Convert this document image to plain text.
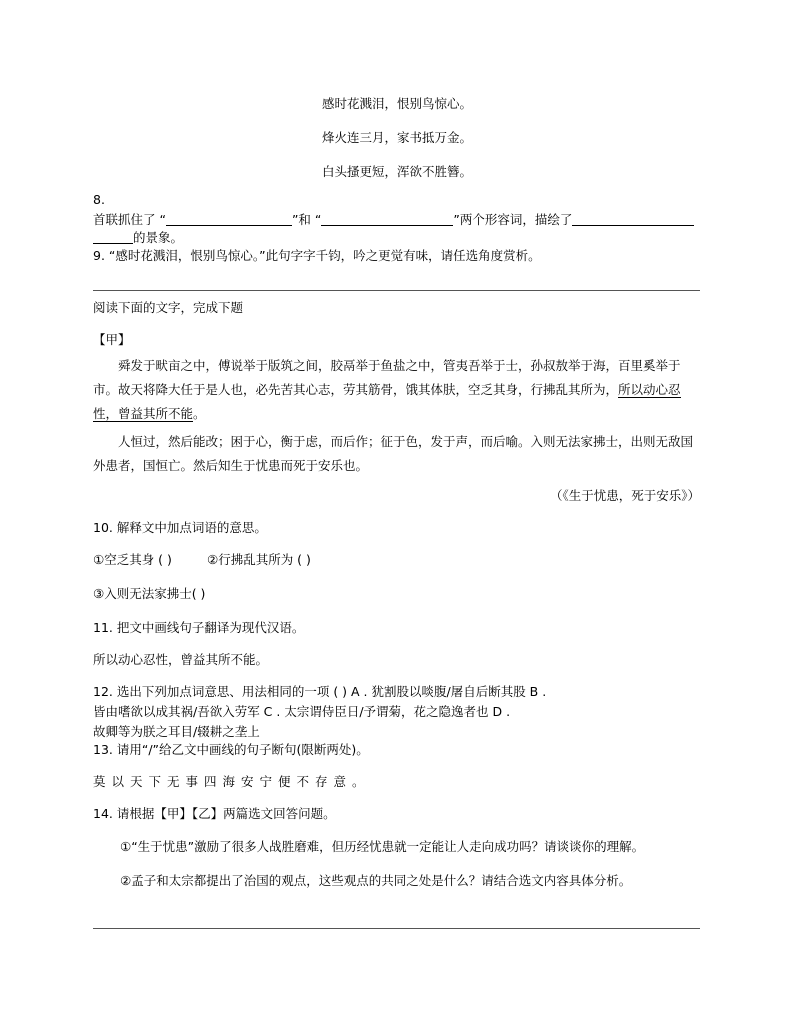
感时花溅泪，恨别鸟惊心。
烽火连三月，家书抵万金。
白头搔更短，浑欲不胜簪。
8.
首联抓住了 “	”和 “	”两个形容词，描绘了
的景象。
9. “感时花溅泪，恨别鸟惊心。”此句字字千钧，吟之更觉有味，请任选角度赏析。
阅读下面的文字，完成下题
【甲】

舜发于畎亩之中，傅说举于版筑之间，胶鬲举于鱼盐之中，管夷吾举于士，孙叔敖举于海，百里奚举于市。故天将降大任于是人也，必先苦其心志，劳其筋骨，饿其体肤，空乏其身，行拂乱其所为，所以动心忍性，曾益其所不能。

人恒过，然后能改；困于心，衡于虑，而后作；征于色，发于声，而后喻。入则无法家拂士，出则无敌国外患者，国恒亡。然后知生于忧患而死于安乐也。

（《生于忧患，死于安乐》）
10. 解释文中加点词语的意思。
①空乏其身 ( )	②行拂乱其所为 ( )
③入则无法家拂士( )
11. 把文中画线句子翻译为现代汉语。
所以动心忍性，曾益其所不能。
12. 选出下列加点词意思、用法相同的一项 ( ) A . 犹割股以啖腹/屠自后断其股 B .
皆由嗜欲以成其祸/吾欲入劳军 C . 太宗谓侍臣日/予谓菊，花之隐逸者也 D .
故卿等为朕之耳目/辍耕之垄上
13. 请用“/”给乙文中画线的句子断句(限断两处)。
莫以天下无事四海安宁便不存意。
14. 请根据【甲】【乙】两篇选文回答问题。
①“生于忧患”激励了很多人战胜磨难，但历经忧患就一定能让人走向成功吗？请谈谈你的理解。
②孟子和太宗都提出了治国的观点，这些观点的共同之处是什么？请结合选文内容具体分析。
